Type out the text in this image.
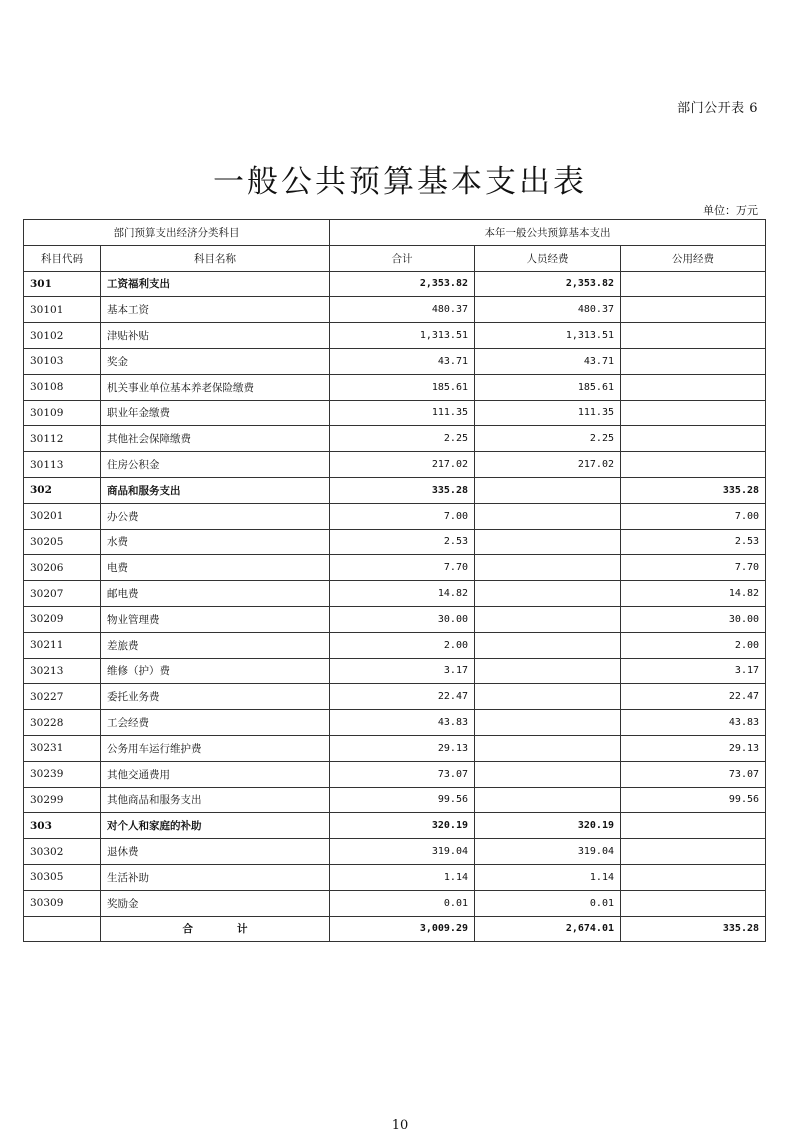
部门公开表 6
一般公共预算基本支出表
单位：万元
部门预算支出经济分类科目		本年一般公共预算基本支出		
科目代码	科目名称	合计	人员经费	公用经费
301	工资福利支出	2,353.82	2,353.82	
30101	基本工资	480.37	480.37	
30102	津贴补贴	1,313.51	1,313.51	
30103	奖金	43.71	43.71	
30108	机关事业单位基本养老保险缴费	185.61	185.61	
30109	职业年金缴费	111.35	111.35	
30112	其他社会保障缴费	2.25	2.25	
30113	住房公积金	217.02	217.02	
302	商品和服务支出	335.28		335.28
30201	办公费	7.00		7.00
30205	水费	2.53		2.53
30206	电费	7.70		7.70
30207	邮电费	14.82		14.82
30209	物业管理费	30.00		30.00
30211	差旅费	2.00		2.00
30213	维修（护）费	3.17		3.17
30227	委托业务费	22.47		22.47
30228	工会经费	43.83		43.83
30231	公务用车运行维护费	29.13		29.13
30239	其他交通费用	73.07		73.07
30299	其他商品和服务支出	99.56		99.56
303	对个人和家庭的补助	320.19	320.19	
30302	退休费	319.04	319.04	
30305	生活补助	1.14	1.14	
30309	奖励金	0.01	0.01	
	合 计	3,009.29	2,674.01	335.28
10
